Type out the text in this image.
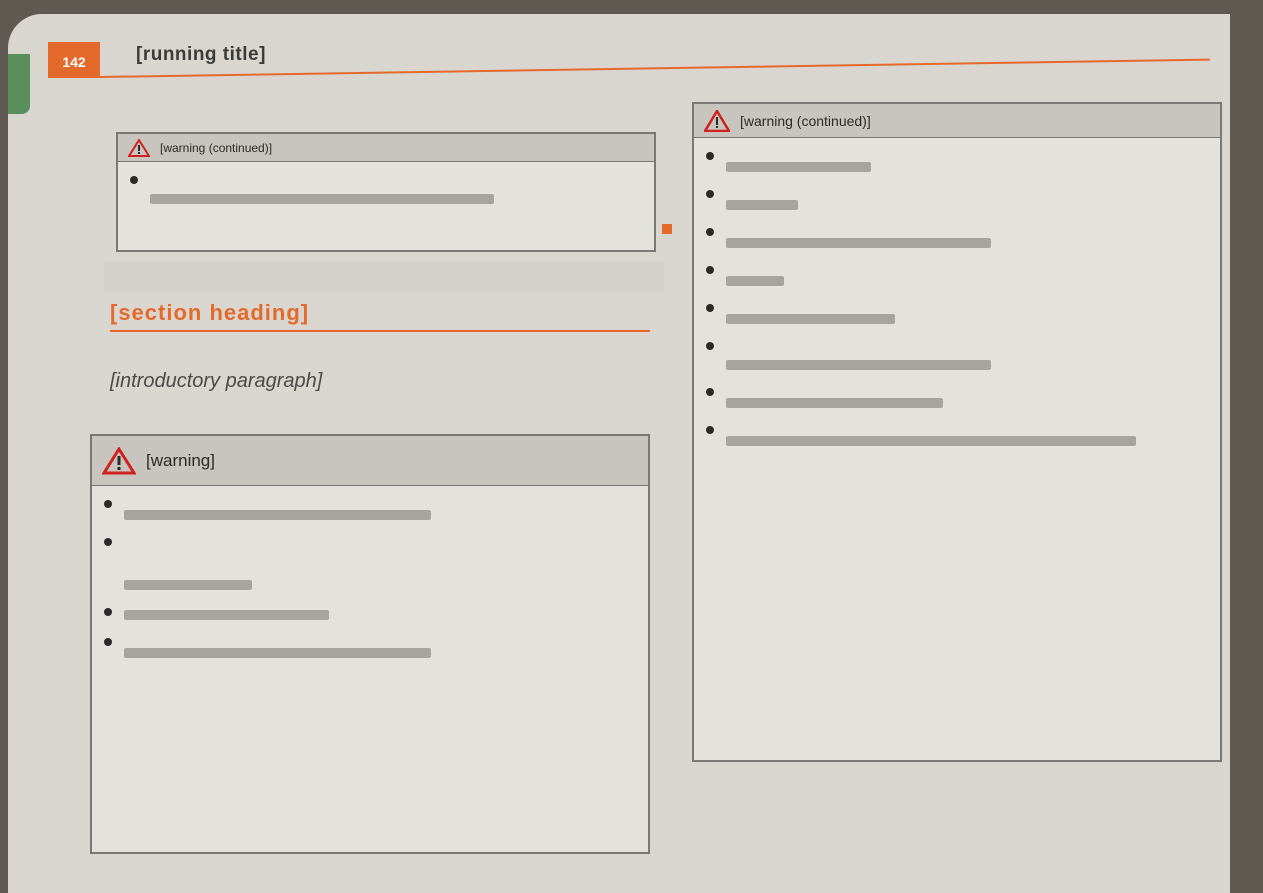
142	[running title]
[warning (continued)]
[section heading]
[introductory paragraph]
[warning]
[warning (continued)]
